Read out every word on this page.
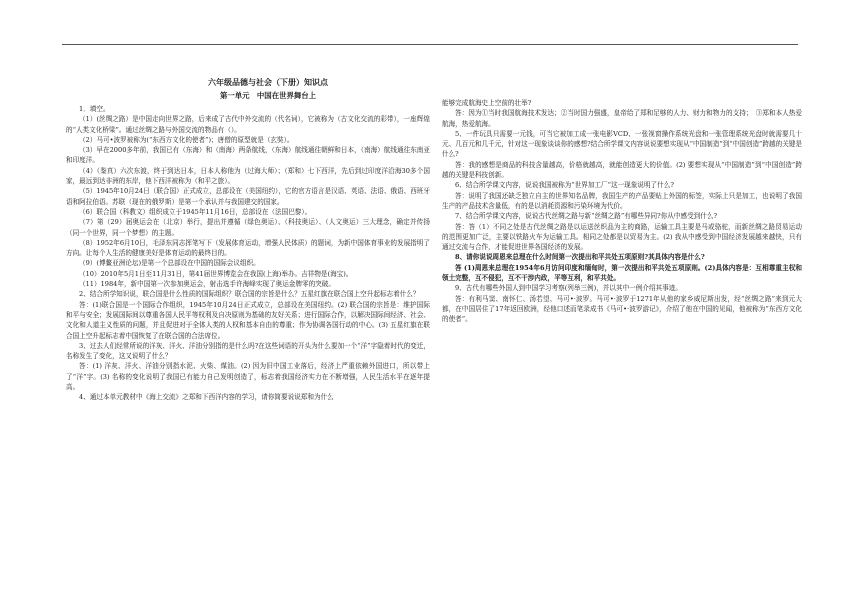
六年级品德与社会（下册）知识点
第一单元　中国在世界舞台上

1．填空。

（1）(丝绸之路）是中国走向世界之路，后来成了古代中外交流的（代名词），它被称为（古文化交流的彩带），一座辉煌的“人类文化桥梁”。通过丝绸之路与外国交流的物品有（）。

（2）马可•波罗被称为(“东西方文化的使者”)；唐僧的原型就是（玄奘）。

（3）早在2000多年前，我国已有（东海）和（南海）两条航线，（东海）航线通往朝鲜和日本，（南海）航线通往东南亚和印度洋。

（4）（鉴真）六次东渡，终于到达日本，日本人称他为（过海大师）；（郑和）七下西洋，先后到过印度洋沿海30多个国家，最远到达非洲的东岸，他下西洋被称为（和平之旅）。

（5）1945年10月24日（联合国）正式成立，总部设在（美国纽约），它的官方语言是汉语、英语、法语、俄语、西班牙语和阿拉伯语。苏联（现在的俄罗斯）是第一个承认并与我国建交的国家。

（6）联合国（科教文）组织成立于1945年11月16日，总部设在（法国巴黎）。

（7）第（29）届奥运会在（北京）举行，提出并遵循（绿色奥运）、（科技奥运）、（人文奥运）三大理念，确定并传扬（同一个世界，同一个梦想）的主题。

（8）1952年6月10日，毛泽东同志挥笔写下（发展体育运动，增强人民体质）的题词，为新中国体育事业的发展指明了方向。让每个人生活的健康美好是体育运动的最终目的。

（9）(博鳌亚洲论坛)是第一个总部设在中国的国际会议组织。

（10）2010年5月1日至11月31日，第41届世界博览会在我国(上海)举办。吉祥物是(海宝)。

（11）1984年，新中国第一次参加奥运会，射击选手许海峰实现了奥运金牌零的突破。

2、结合所学知识说，联合国是什么性质的国际组织？联合国的宗旨是什么？五星红旗在联合国上空升起标志着什么？

答：(1)联合国是一个国际合作组织，1945年10月24日正式成立，总部设在美国纽约。(2) 联合国的宗旨是：维护国际和平与安全；发展国际间以尊重各国人民平等权利及自决原则为基础的友好关系；进行国际合作，以解决国际间经济、社会、文化和人道主义性质的问题，并且促进对于全体人类的人权和基本自由的尊重；作为协调各国行动的中心。(3) 五星红旗在联合国上空升起标志着中国恢复了在联合国的合法席位。

3、过去人们经常所说的洋灰、洋火、洋油分别指的是什么吗?在这些词语的开头为什么要加一个“洋”字隐着时代的变迁，名称发生了变化，这又说明了什么？

答：(1) 洋灰、洋火、洋油分别指水泥、火柴、煤油。(2) 因为旧中国工业落后，经济上严重依赖外国进口，所以带上了“洋”字。(3) 名称的变化说明了我国已有能力自己发明创造了，标志着我国经济实力在不断增强，人民生活水平在逐年提高。

4、通过本单元教材中《海上交流》之郑和下西洋内容的学习，请你简要说说郑和为什么

能够完成航海史上空前的壮举?

答：因为①当时我国航海技术发达；②当时国力强盛，皇帝给了郑和足够的人力、财力和物力的支持；　③郑和本人热爱航海，热爱航海。

5、一件玩具只需要一元钱，可当它被加工成一张电影VCD、一张视窗操作系统光盘和一张管理系统光盘时就需要几十元、几百元和几千元，针对这一现象谈谈你的感想?结合所学课文内容说说要想实现从“中国制造”到“中国创造”跨越的关键是什么?

答：我的感想是商品的科技含量越高，价格就越高，就能创造更大的价值。(2) 要想实现从“中国制造”到“中国创造”跨越的关键是科技创新。

6、结合所学课文内容，说说我国被称为“世界加工厂”这一现象说明了什么?

答：说明了我国还缺乏独立自主的世界知名品牌，我国生产的产品要贴上外国的标签，实际上只是加工，也说明了我国生产的产品技术含量低，有的是以消耗资源和污染环境为代价。

7、结合所学课文内容，说说古代丝绸之路与新“丝绸之路”有哪些异同?你从中感受到什么?

答：答（1）不同之处是古代丝绸之路是以运送丝织品为主的商路，运输工具主要是马或骆驼，而新丝绸之路贸易运动的范围更加广泛，主要以铁路火车为运输工具。相同之处都是以贸易为主。(2) 我从中感受到中国经济发展越来越快，只有通过交流与合作，才能促进世界各国经济的发展。

8、请你说说周恩来总理在什么时间第一次提出和平共处五项原则?其具体内容是什么?

答 (1)周恩来总理在1954年6月访问印度和缅甸时，第一次提出和平共处五项原则。(2)具体内容是：互相尊重主权和领土完整，互不侵犯，互不干涉内政，平等互利，和平共处。

9、古代有哪些外国人到中国学习考察(列举三例)，并以其中一例介绍其事迹。

答：有利马窦、南怀仁、汤若望、马可•·波罗。马可•·波罗于1271年从他的家乡威尼斯出发，经“丝绸之路”来到元大都，在中国居住了17年返回欧洲，经他口述而笔录成书《马可•·波罗游记》，介绍了他在中国的见闻，他被称为“东西方文化的使者”。
